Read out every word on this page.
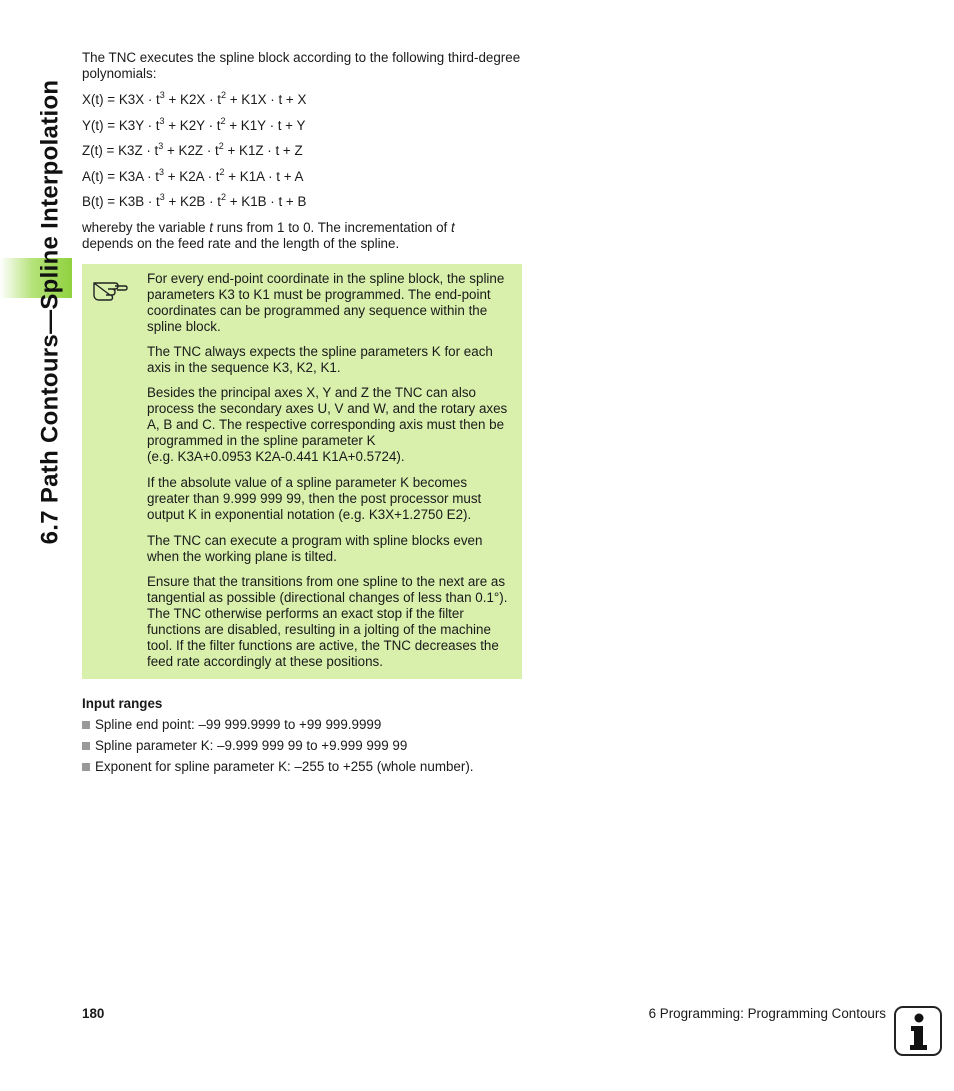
6.7 Path Contours—Spline Interpolation

The TNC executes the spline block according to the following third-degree polynomials:

$X(t) = K3X \cdot t^3 + K2X \cdot t^2 + K1X \cdot t + X$

$Y(t) = K3Y \cdot t^3 + K2Y \cdot t^2 + K1Y \cdot t + Y$

$Z(t) = K3Z \cdot t^3 + K2Z \cdot t^2 + K1Z \cdot t + Z$

$A(t) = K3A \cdot t^3 + K2A \cdot t^2 + K1A \cdot t + A$

$B(t) = K3B \cdot t^3 + K2B \cdot t^2 + K1B \cdot t + B$

whereby the variable t runs from 1 to 0. The incrementation of t
depends on the feed rate and the length of the spline.

For every end-point coordinate in the spline block, the spline parameters K3 to K1 must be programmed. The end-point coordinates can be programmed any sequence within the spline block.

The TNC always expects the spline parameters K for each axis in the sequence K3, K2, K1.

Besides the principal axes X, Y and Z the TNC can also process the secondary axes U, V and W, and the rotary axes A, B and C. The respective corresponding axis must then be programmed in the spline parameter K

(e.g. K3A+0.0953 K2A-0.441 K1A+0.5724).

If the absolute value of a spline parameter K becomes greater than 9.999 999 99, then the post processor must output K in exponential notation (e.g. K3X+1.2750 E2).

The TNC can execute a program with spline blocks even when the working plane is tilted.

Ensure that the transitions from one spline to the next are as tangential as possible (directional changes of less than 0.1°). The TNC otherwise performs an exact stop if the filter functions are disabled, resulting in a jolting of the machine tool. If the filter functions are active, the TNC decreases the feed rate accordingly at these positions.

Input ranges

Spline end point: –99 999.9999 to +99 999.9999

Spline parameter K: –9.999 999 99 to +9.999 999 99

Exponent for spline parameter K: –255 to +255 (whole number).

180	6 Programming: Programming Contours
